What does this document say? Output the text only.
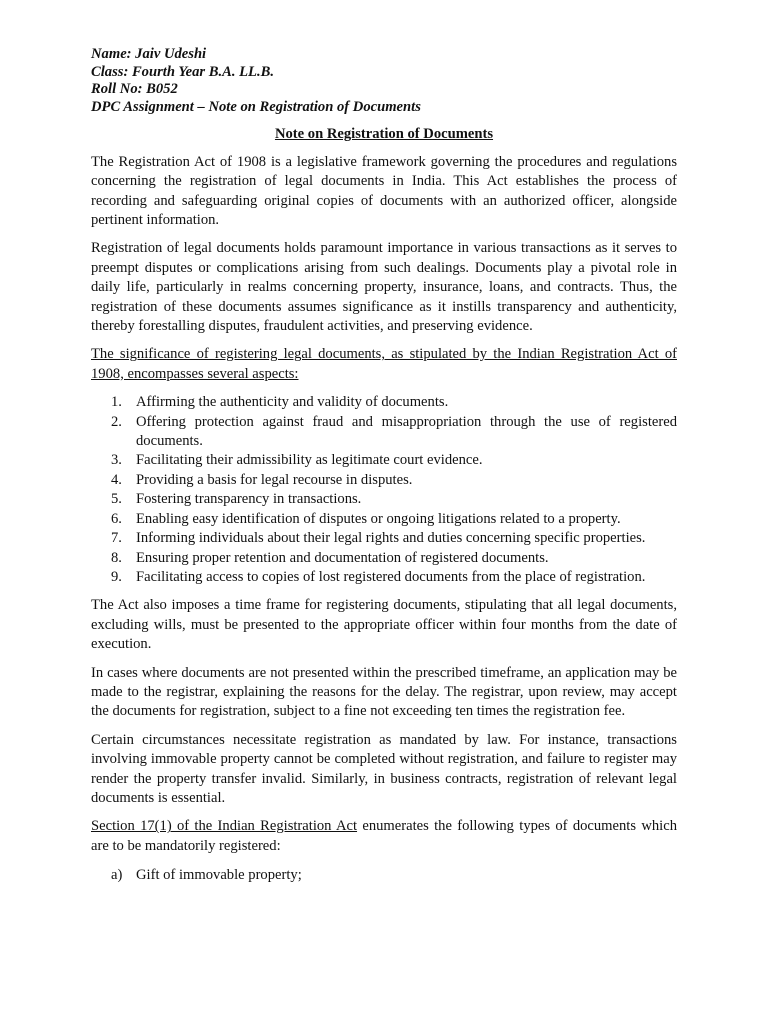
Name: Jaiv Udeshi

Class: Fourth Year B.A. LL.B.

Roll No: B052

DPC Assignment – Note on Registration of Documents

Note on Registration of Documents

The Registration Act of 1908 is a legislative framework governing the procedures and regulations concerning the registration of legal documents in India. This Act establishes the process of recording and safeguarding original copies of documents with an authorized officer, alongside pertinent information.

Registration of legal documents holds paramount importance in various transactions as it serves to preempt disputes or complications arising from such dealings. Documents play a pivotal role in daily life, particularly in realms concerning property, insurance, loans, and contracts. Thus, the registration of these documents assumes significance as it instills transparency and authenticity, thereby forestalling disputes, fraudulent activities, and preserving evidence.

The significance of registering legal documents, as stipulated by the Indian Registration Act of 1908, encompasses several aspects:

1. Affirming the authenticity and validity of documents.
2. Offering protection against fraud and misappropriation through the use of registered documents.
3. Facilitating their admissibility as legitimate court evidence.
4. Providing a basis for legal recourse in disputes.
5. Fostering transparency in transactions.
6. Enabling easy identification of disputes or ongoing litigations related to a property.
7. Informing individuals about their legal rights and duties concerning specific properties.
8. Ensuring proper retention and documentation of registered documents.
9. Facilitating access to copies of lost registered documents from the place of registration.

The Act also imposes a time frame for registering documents, stipulating that all legal documents, excluding wills, must be presented to the appropriate officer within four months from the date of execution.

In cases where documents are not presented within the prescribed timeframe, an application may be made to the registrar, explaining the reasons for the delay. The registrar, upon review, may accept the documents for registration, subject to a fine not exceeding ten times the registration fee.

Certain circumstances necessitate registration as mandated by law. For instance, transactions involving immovable property cannot be completed without registration, and failure to register may render the property transfer invalid. Similarly, in business contracts, registration of relevant legal documents is essential.

Section 17(1) of the Indian Registration Act enumerates the following types of documents which are to be mandatorily registered:

a) Gift of immovable property;
